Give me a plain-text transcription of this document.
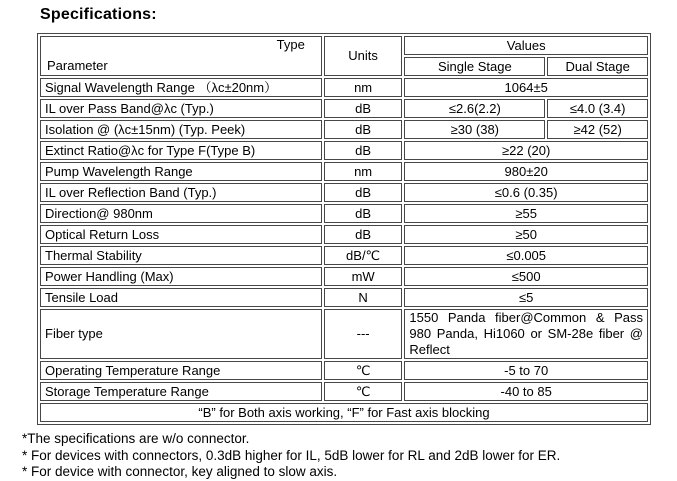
Specifications:
Type
Parameter	Units	Values	
		Single Stage	Dual Stage
Signal Wavelength Range （λc±20nm）	nm	1064±5	
IL over Pass Band@λc (Typ.)	dB	≤2.6(2.2)	≤4.0 (3.4)
Isolation @ (λc±15nm) (Typ. Peek)	dB	≥30 (38)	≥42 (52)
Extinct Ratio@λc for Type F(Type B)	dB	≥22 (20)	
Pump Wavelength Range	nm	980±20	
IL over Reflection Band (Typ.)	dB	≤0.6 (0.35)	
Direction@ 980nm	dB	≥55	
Optical Return Loss	dB	≥50	
Thermal Stability	dB/℃	≤0.005	
Power Handling (Max)	mW	≤500	
Tensile Load	N	≤5	
Fiber type	---	1550 Panda fiber@Common & Pass 980 Panda, Hi1060 or SM-28e fiber @ Reflect	
Operating Temperature Range	℃	-5 to 70	
Storage Temperature Range	℃	-40 to 85	
“B” for Both axis working, “F” for Fast axis blocking			
*The specifications are w/o connector.
* For devices with connectors, 0.3dB higher for IL, 5dB lower for RL and 2dB lower for ER.
* For device with connector, key aligned to slow axis.
